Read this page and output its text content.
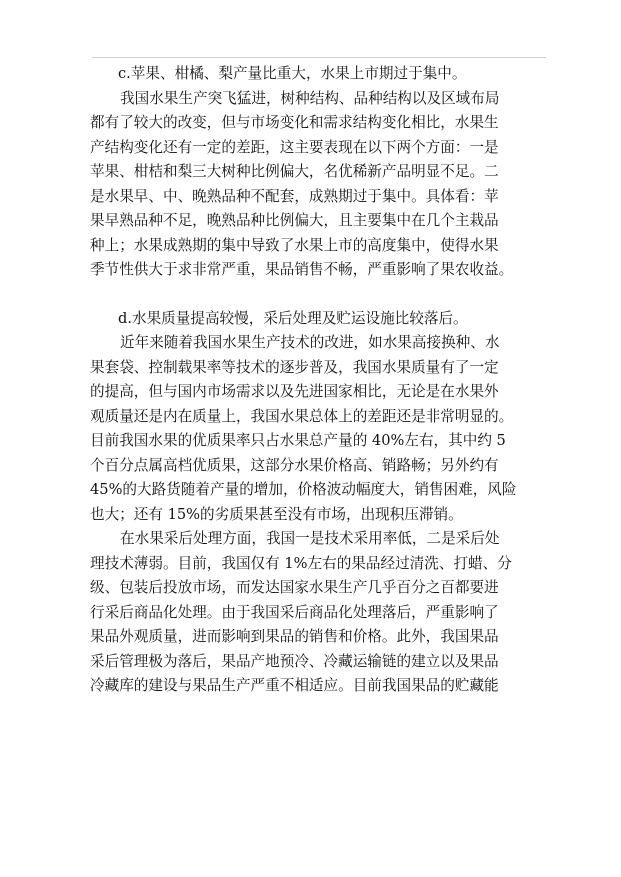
c.苹果、柑橘、梨产量比重大，水果上市期过于集中。
我国水果生产突飞猛进，树种结构、品种结构以及区域布局
都有了较大的改变，但与市场变化和需求结构变化相比，水果生
产结构变化还有一定的差距，这主要表现在以下两个方面：一是
苹果、柑桔和梨三大树种比例偏大，名优稀新产品明显不足。二
是水果早、中、晚熟品种不配套，成熟期过于集中。具体看：苹
果早熟品种不足，晚熟品种比例偏大，且主要集中在几个主栽品
种上；水果成熟期的集中导致了水果上市的高度集中，使得水果
季节性供大于求非常严重，果品销售不畅，严重影响了果农收益。
d.水果质量提高较慢，采后处理及贮运设施比较落后。
近年来随着我国水果生产技术的改进，如水果高接换种、水
果套袋、控制载果率等技术的逐步普及，我国水果质量有了一定
的提高，但与国内市场需求以及先进国家相比，无论是在水果外
观质量还是内在质量上，我国水果总体上的差距还是非常明显的。
目前我国水果的优质果率只占水果总产量的 40%左右，其中约 5
个百分点属高档优质果，这部分水果价格高、销路畅；另外约有
45%的大路货随着产量的增加，价格波动幅度大，销售困难，风险
也大；还有 15%的劣质果甚至没有市场，出现积压滞销。
在水果采后处理方面，我国一是技术采用率低，二是采后处
理技术薄弱。目前，我国仅有 1%左右的果品经过清洗、打蜡、分
级、包装后投放市场，而发达国家水果生产几乎百分之百都要进
行采后商品化处理。由于我国采后商品化处理落后，严重影响了
果品外观质量，进而影响到果品的销售和价格。此外，我国果品
采后管理极为落后，果品产地预冷、冷藏运输链的建立以及果品
冷藏库的建设与果品生产严重不相适应。目前我国果品的贮藏能
